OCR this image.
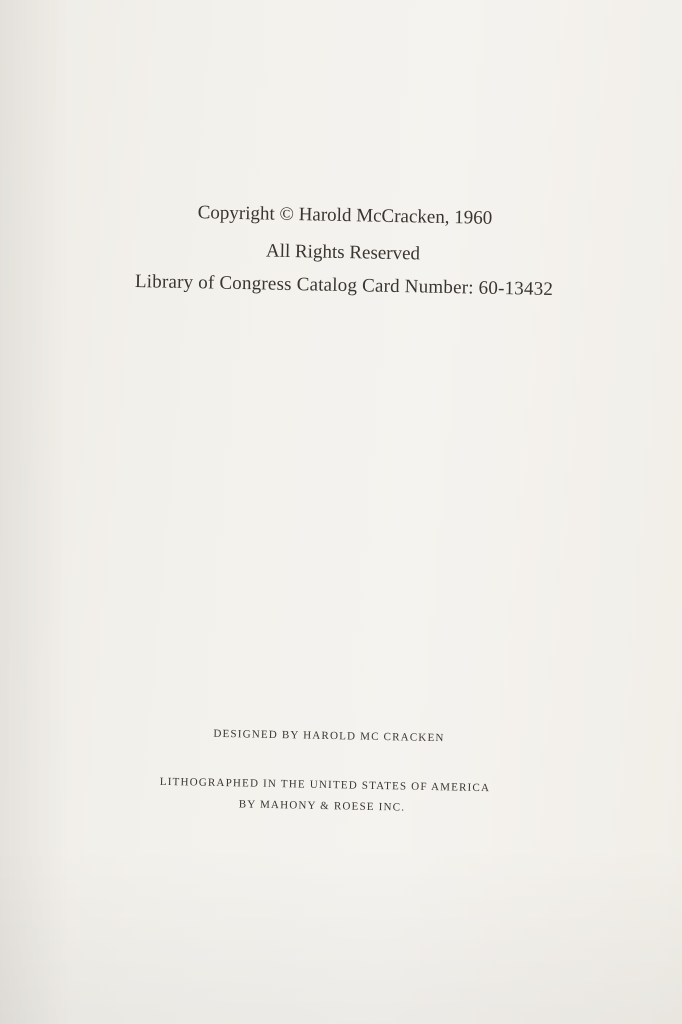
Copyright © Harold McCracken, 1960
All Rights Reserved
Library of Congress Catalog Card Number: 60-13432
DESIGNED BY HAROLD MC CRACKEN
LITHOGRAPHED IN THE UNITED STATES OF AMERICA
BY MAHONY & ROESE INC.
